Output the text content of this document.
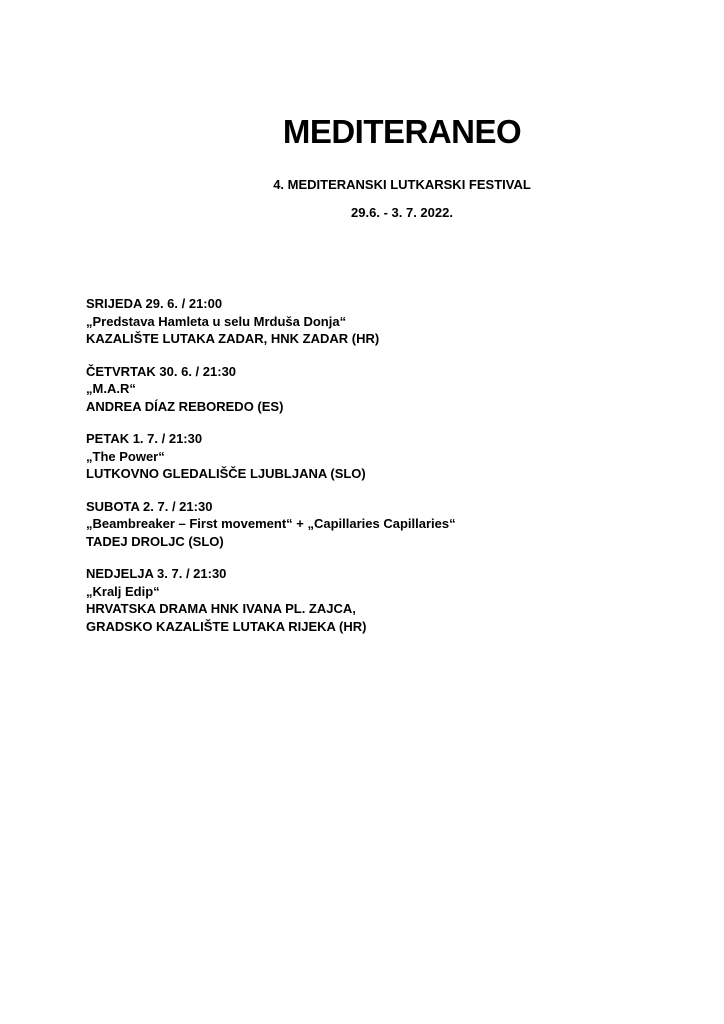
MEDITERANEO
4. MEDITERANSKI LUTKARSKI FESTIVAL
29.6. - 3. 7. 2022.
SRIJEDA 29. 6. / 21:00
„Predstava Hamleta u selu Mrduša Donja“
KAZALIŠTE LUTAKA ZADAR, HNK ZADAR (HR)
ČETVRTAK 30. 6. / 21:30
„M.A.R“
ANDREA DÍAZ REBOREDO (ES)
PETAK 1. 7. / 21:30
„The Power“
LUTKOVNO GLEDALIŠČE LJUBLJANA (SLO)
SUBOTA 2. 7. / 21:30
„Beambreaker – First movement“ + „Capillaries Capillaries“
TADEJ DROLJC (SLO)
NEDJELJA 3. 7. / 21:30
„Kralj Edip“
HRVATSKA DRAMA HNK IVANA PL. ZAJCA,
GRADSKO KAZALIŠTE LUTAKA RIJEKA (HR)
